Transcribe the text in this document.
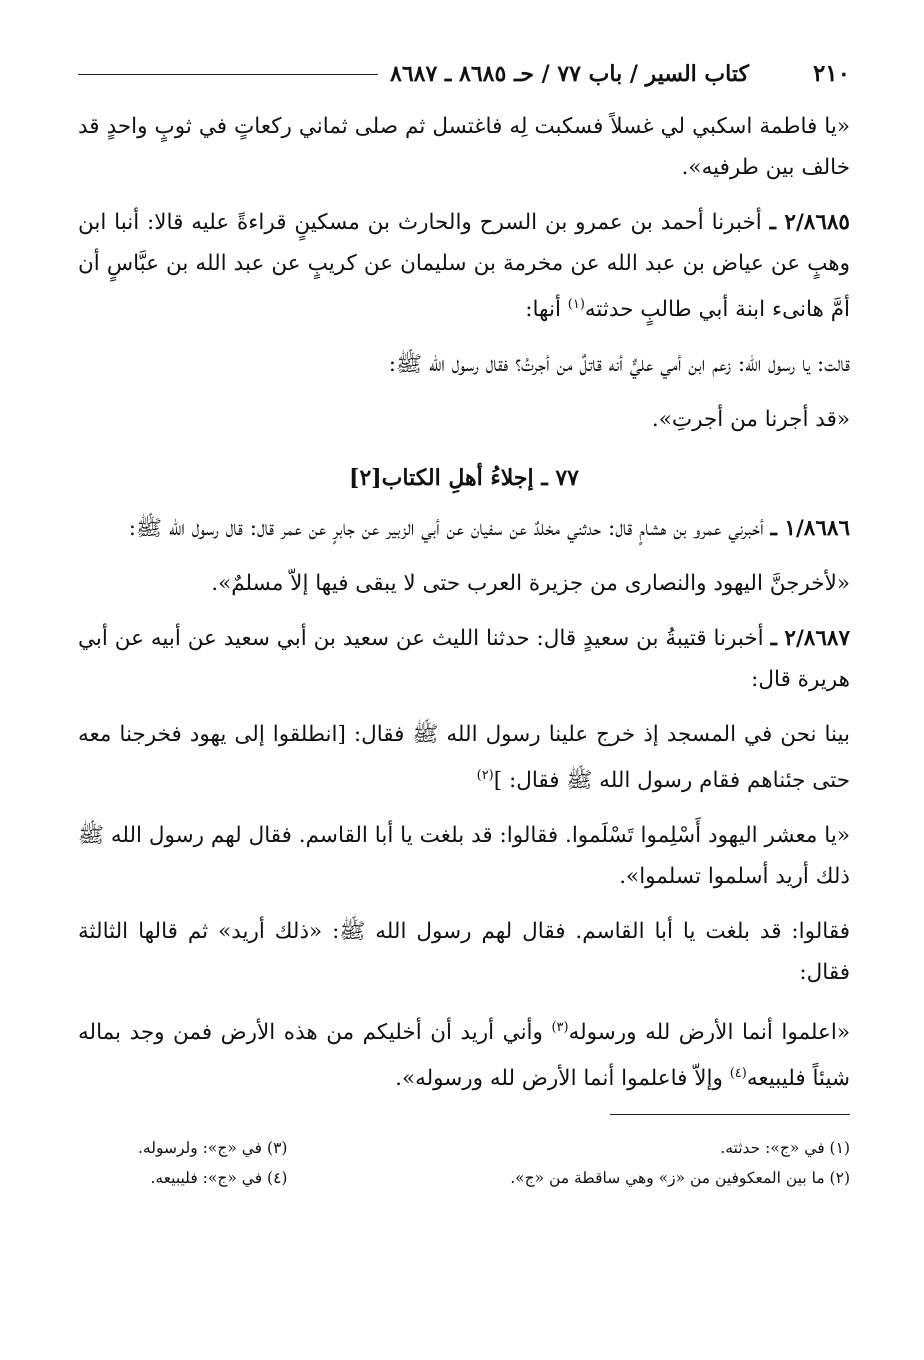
٢١٠
كتاب السير / باب ٧٧ / حـ ٨٦٨٥ ـ ٨٦٨٧

«يا فاطمة اسكبي لي غسلاً فسكبت لِه فاغتسل ثم صلى ثماني ركعاتٍ في ثوبٍ واحدٍ قد خالف بين طرفيه».

٢/٨٦٨٥ ـ أخبرنا أحمد بن عمرو بن السرح والحارث بن مسكينٍ قراءةً عليه قالا: أنبا ابن وهبٍ عن عياض بن عبد الله عن مخرمة بن سليمان عن كريبٍ عن عبد الله بن عبَّاسٍ أن أمَّ هانىء ابنة أبي طالبٍ حدثته$^{(١)}$ أنها:

قالت: يا رسول الله: زعم ابن أمي عليٌّ أنه قاتلٌ من أجرتُ؟ فقال رسول الله ﷺ:

«قد أجرنا من أجرتِ».

٧٧ ـ إجلاءُ أهلِ الكتاب[٢]

١/٨٦٨٦ ـ أخبرني عمرو بن هشامٍ قال: حدثني مخلدٌ عن سفيان عن أبي الزبير عن جابرٍ عن عمر قال: قال رسول الله ﷺ:

«لأخرجنَّ اليهود والنصارى من جزيرة العرب حتى لا يبقى فيها إلاّ مسلمٌ».

٢/٨٦٨٧ ـ أخبرنا قتيبةُ بن سعيدٍ قال: حدثنا الليث عن سعيد بن أبي سعيد عن أبيه عن أبي هريرة قال:

بينا نحن في المسجد إذ خرج علينا رسول الله ﷺ فقال: [انطلقوا إلى يهود فخرجنا معه حتى جئناهم فقام رسول الله ﷺ فقال: ]$^{(٢)}$

«يا معشر اليهود أَسْلِموا تَسْلَموا. فقالوا: قد بلغت يا أبا القاسم. فقال لهم رسول الله ﷺ ذلك أريد أسلموا تسلموا».

فقالوا: قد بلغت يا أبا القاسم. فقال لهم رسول الله ﷺ: «ذلك أريد» ثم قالها الثالثة فقال:

«اعلموا أنما الأرض لله ورسوله$^{(٣)}$ وأني أريد أن أخليكم من هذه الأرض فمن وجد بماله شيئاً فليبيعه$^{(٤)}$ وإلاّ فاعلموا أنما الأرض لله ورسوله».

(١) في «ج»: حدثته.
(٢) ما بين المعكوفين من «ز» وهي ساقطة من «ج».
(٣) في «ج»: ولرسوله.
(٤) في «ج»: فليبيعه.
